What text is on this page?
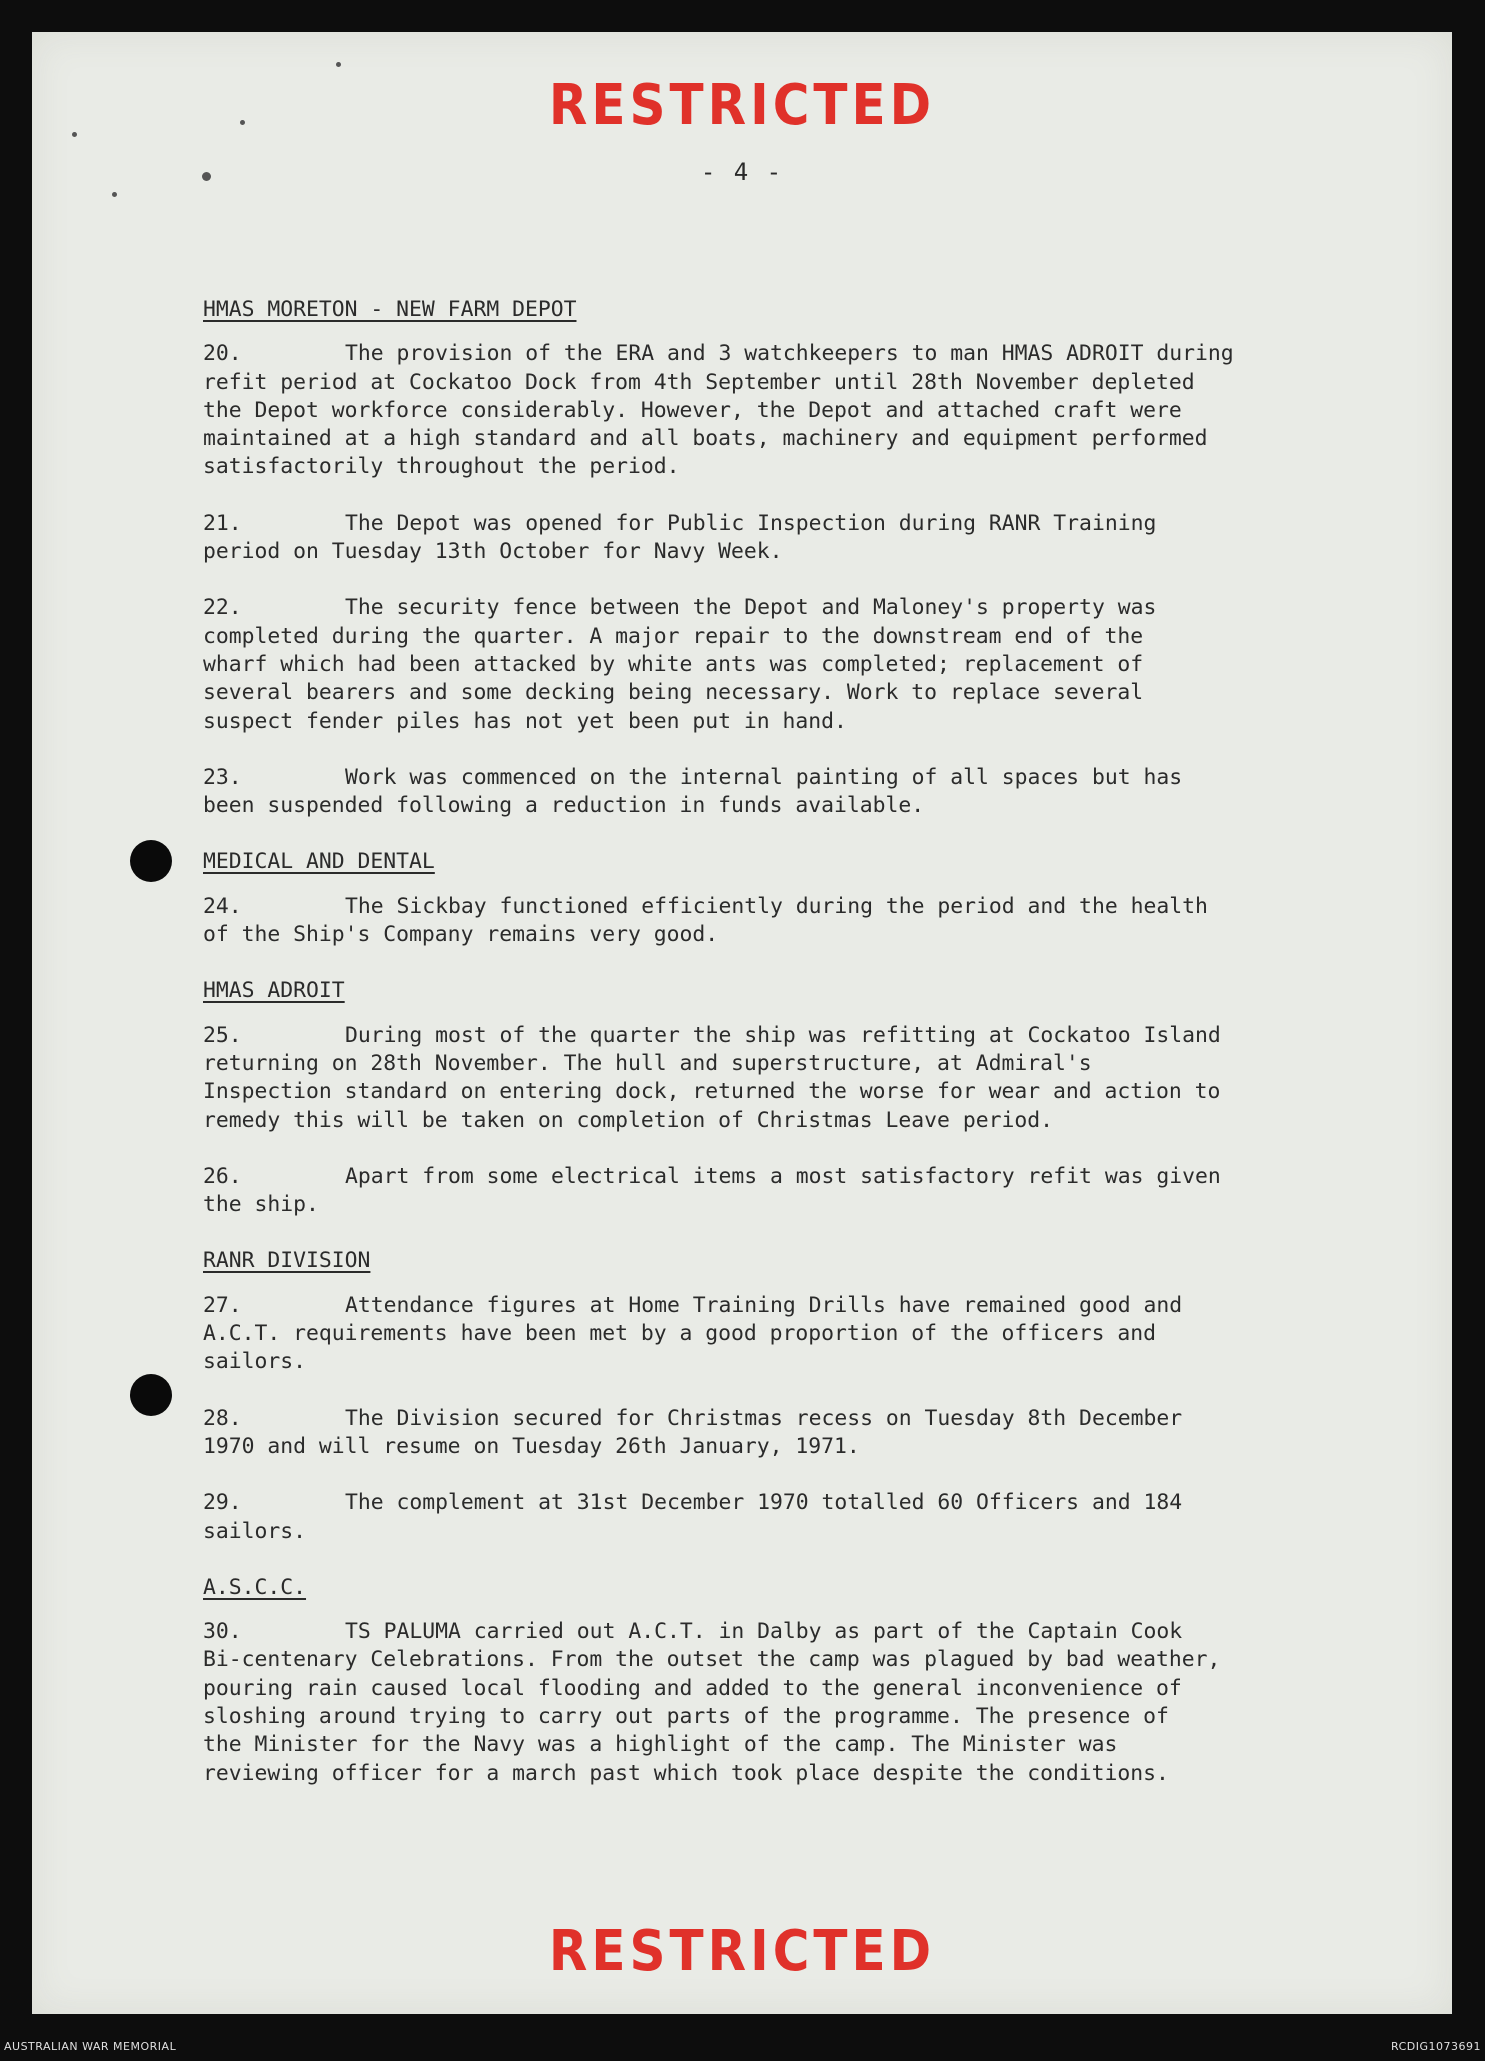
RESTRICTED
- 4 -
HMAS MORETON - NEW FARM DEPOT
20.	The provision of the ERA and 3 watchkeepers to man HMAS ADROIT during
refit period at Cockatoo Dock from 4th September until 28th November depleted
the Depot workforce considerably. However, the Depot and attached craft were
maintained at a high standard and all boats, machinery and equipment performed
satisfactorily throughout the period.
21.	The Depot was opened for Public Inspection during RANR Training
period on Tuesday 13th October for Navy Week.
22.	The security fence between the Depot and Maloney's property was
completed during the quarter. A major repair to the downstream end of the
wharf which had been attacked by white ants was completed; replacement of
several bearers and some decking being necessary. Work to replace several
suspect fender piles has not yet been put in hand.
23.	Work was commenced on the internal painting of all spaces but has
been suspended following a reduction in funds available.
MEDICAL AND DENTAL
24.	The Sickbay functioned efficiently during the period and the health
of the Ship's Company remains very good.
HMAS ADROIT
25.	During most of the quarter the ship was refitting at Cockatoo Island
returning on 28th November. The hull and superstructure, at Admiral's
Inspection standard on entering dock, returned the worse for wear and action to
remedy this will be taken on completion of Christmas Leave period.
26.	Apart from some electrical items a most satisfactory refit was given
the ship.
RANR DIVISION
27.	Attendance figures at Home Training Drills have remained good and
A.C.T. requirements have been met by a good proportion of the officers and
sailors.
28.	The Division secured for Christmas recess on Tuesday 8th December
1970 and will resume on Tuesday 26th January, 1971.
29.	The complement at 31st December 1970 totalled 60 Officers and 184
sailors.
A.S.C.C.
30.	TS PALUMA carried out A.C.T. in Dalby as part of the Captain Cook
Bi-centenary Celebrations. From the outset the camp was plagued by bad weather,
pouring rain caused local flooding and added to the general inconvenience of
sloshing around trying to carry out parts of the programme. The presence of
the Minister for the Navy was a highlight of the camp. The Minister was
reviewing officer for a march past which took place despite the conditions.
RESTRICTED
AUSTRALIAN WAR MEMORIAL	RCDIG1073691
